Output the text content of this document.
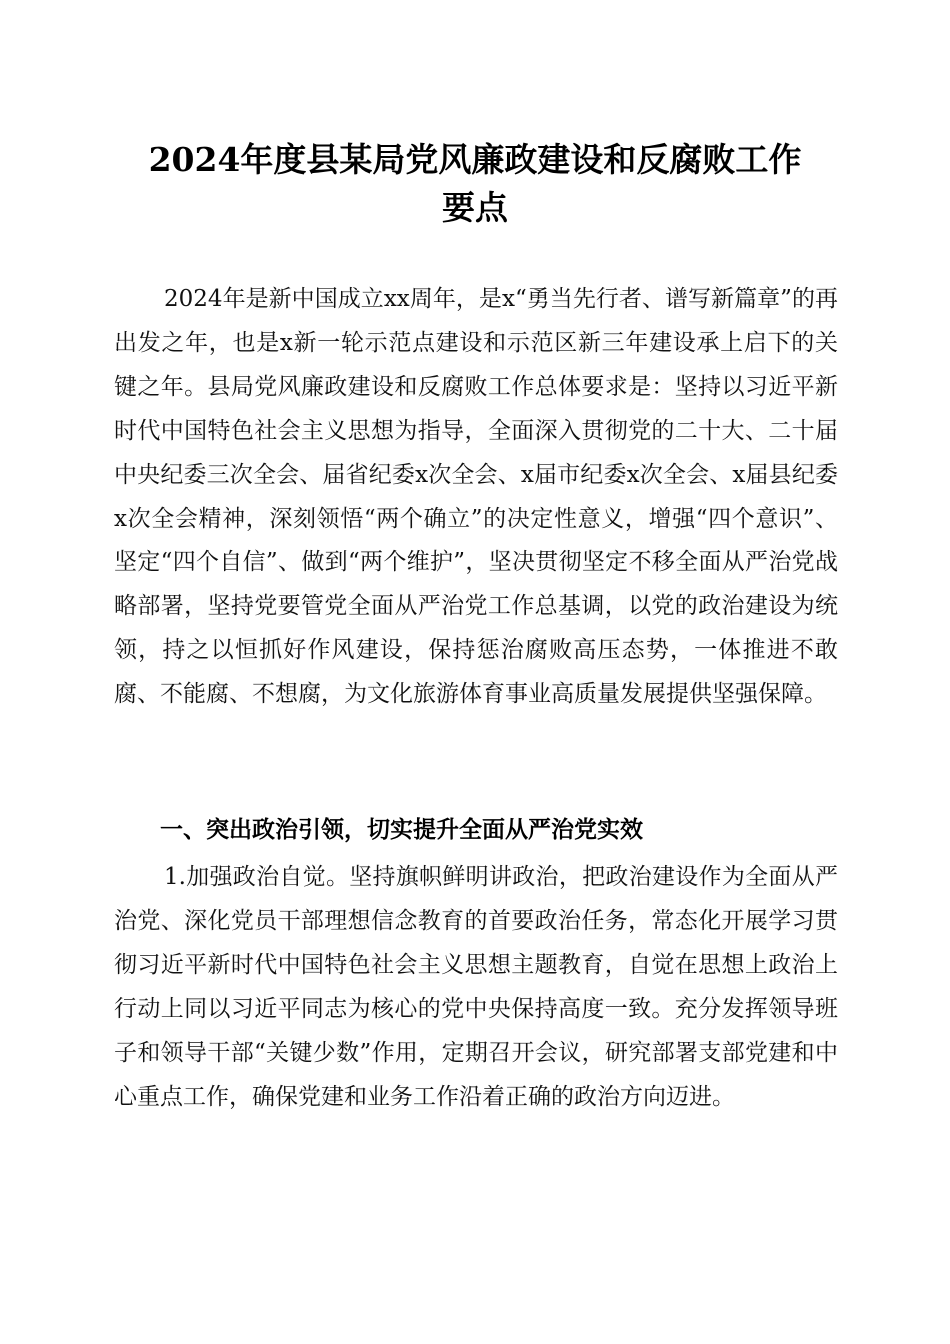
2024年度县某局党风廉政建设和反腐败工作
要点

2024年是新中国成立xx周年，是x“勇当先行者、谱写新篇章”的再出发之年，也是x新一轮示范点建设和示范区新三年建设承上启下的关键之年。县局党风廉政建设和反腐败工作总体要求是：坚持以习近平新时代中国特色社会主义思想为指导，全面深入贯彻党的二十大、二十届中央纪委三次全会、届省纪委x次全会、x届市纪委x次全会、x届县纪委x次全会精神，深刻领悟“两个确立”的决定性意义，增强“四个意识”、坚定“四个自信”、做到“两个维护”，坚决贯彻坚定不移全面从严治党战略部署，坚持党要管党全面从严治党工作总基调，以党的政治建设为统领，持之以恒抓好作风建设，保持惩治腐败高压态势，一体推进不敢腐、不能腐、不想腐，为文化旅游体育事业高质量发展提供坚强保障。

一、突出政治引领，切实提升全面从严治党实效

1.加强政治自觉。坚持旗帜鲜明讲政治，把政治建设作为全面从严治党、深化党员干部理想信念教育的首要政治任务，常态化开展学习贯彻习近平新时代中国特色社会主义思想主题教育，自觉在思想上政治上行动上同以习近平同志为核心的党中央保持高度一致。充分发挥领导班子和领导干部“关键少数”作用，定期召开会议，研究部署支部党建和中心重点工作，确保党建和业务工作沿着正确的政治方向迈进。
